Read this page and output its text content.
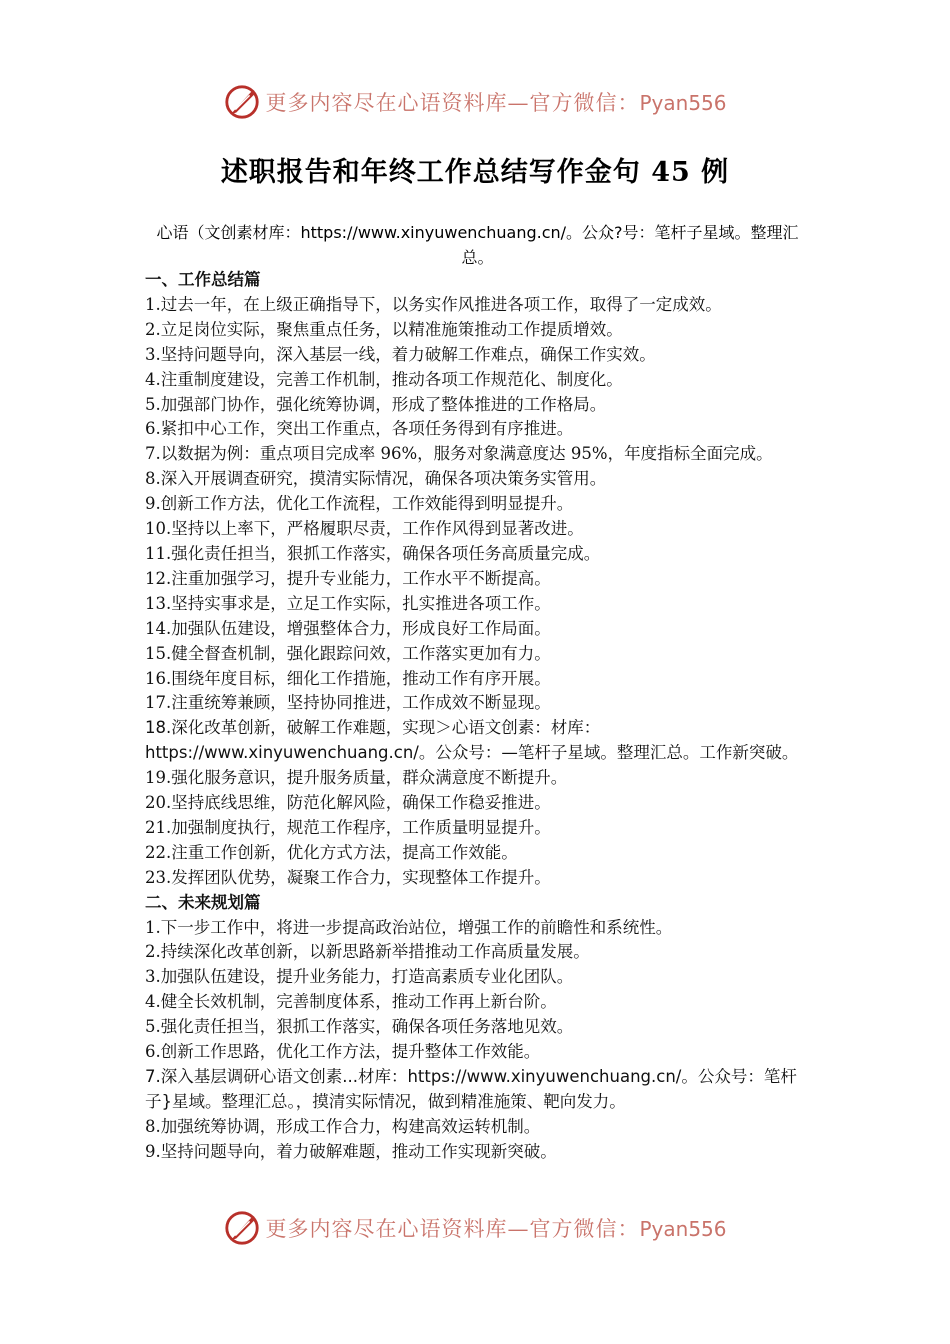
更多内容尽在心语资料库—官方微信：Pyan556
述职报告和年终工作总结写作金句 45 例
心语（文创素材库：https://www.xinyuwenchuang.cn/。公众?号：笔杆子星域。整理汇总。
一、工作总结篇
1.过去一年，在上级正确指导下，以务实作风推进各项工作，取得了一定成效。
2.立足岗位实际，聚焦重点任务，以精准施策推动工作提质增效。
3.坚持问题导向，深入基层一线，着力破解工作难点，确保工作实效。
4.注重制度建设，完善工作机制，推动各项工作规范化、制度化。
5.加强部门协作，强化统筹协调，形成了整体推进的工作格局。
6.紧扣中心工作，突出工作重点，各项任务得到有序推进。
7.以数据为例：重点项目完成率 96%，服务对象满意度达 95%，年度指标全面完成。
8.深入开展调查研究，摸清实际情况，确保各项决策务实管用。
9.创新工作方法，优化工作流程，工作效能得到明显提升。
10.坚持以上率下，严格履职尽责，工作作风得到显著改进。
11.强化责任担当，狠抓工作落实，确保各项任务高质量完成。
12.注重加强学习，提升专业能力，工作水平不断提高。
13.坚持实事求是，立足工作实际，扎实推进各项工作。
14.加强队伍建设，增强整体合力，形成良好工作局面。
15.健全督查机制，强化跟踪问效，工作落实更加有力。
16.围绕年度目标，细化工作措施，推动工作有序开展。
17.注重统筹兼顾，坚持协同推进，工作成效不断显现。
18.深化改革创新，破解工作难题，实现＞心语文创素：材库：https://www.xinyuwenchuang.cn/。公众号：—笔杆子星域。整理汇总。工作新突破。
19.强化服务意识，提升服务质量，群众满意度不断提升。
20.坚持底线思维，防范化解风险，确保工作稳妥推进。
21.加强制度执行，规范工作程序，工作质量明显提升。
22.注重工作创新，优化方式方法，提高工作效能。
23.发挥团队优势，凝聚工作合力，实现整体工作提升。
二、未来规划篇
1.下一步工作中，将进一步提高政治站位，增强工作的前瞻性和系统性。
2.持续深化改革创新，以新思路新举措推动工作高质量发展。
3.加强队伍建设，提升业务能力，打造高素质专业化团队。
4.健全长效机制，完善制度体系，推动工作再上新台阶。
5.强化责任担当，狠抓工作落实，确保各项任务落地见效。
6.创新工作思路，优化工作方法，提升整体工作效能。
7.深入基层调研心语文创素...材库：https://www.xinyuwenchuang.cn/。公众号：笔杆子}星域。整理汇总。，摸清实际情况，做到精准施策、靶向发力。
8.加强统筹协调，形成工作合力，构建高效运转机制。
9.坚持问题导向，着力破解难题，推动工作实现新突破。
更多内容尽在心语资料库—官方微信：Pyan556
